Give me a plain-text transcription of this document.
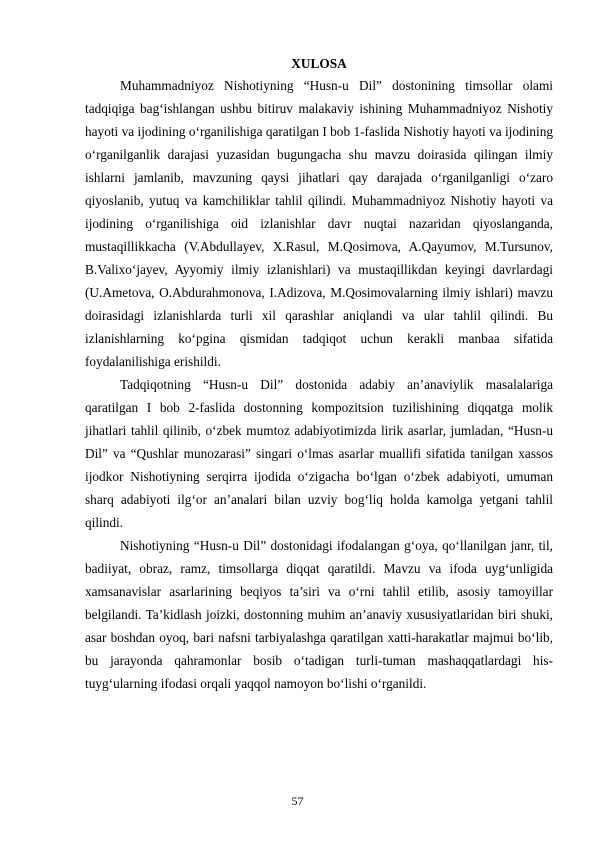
XULOSA

Muhammadniyoz Nishotiyning “Husn-u Dil” dostonining timsollar olami tadqiqiga bag‘ishlangan ushbu bitiruv malakaviy ishining Muhammadniyoz Nishotiy hayoti va ijodining o‘rganilishiga qaratilgan I bob 1-faslida Nishotiy hayoti va ijodining o‘rganilganlik darajasi yuzasidan bugungacha shu mavzu doirasida qilingan ilmiy ishlarni jamlanib, mavzuning qaysi jihatlari qay darajada o‘rganilganligi o‘zaro qiyoslanib, yutuq va kamchiliklar tahlil qilindi. Muhammadniyoz Nishotiy hayoti va ijodining o‘rganilishiga oid izlanishlar davr nuqtai nazaridan qiyoslanganda, mustaqillikkacha (V.Abdullayev, X.Rasul, M.Qosimova, A.Qayumov, M.Tursunov, B.Valixo‘jayev, Ayyomiy ilmiy izlanishlari) va mustaqillikdan keyingi davrlardagi (U.Ametova, O.Abdurahmonova, I.Adizova, M.Qosimovalarning ilmiy ishlari) mavzu doirasidagi izlanishlarda turli xil qarashlar aniqlandi va ular tahlil qilindi. Bu izlanishlarning ko‘pgina qismidan tadqiqot uchun kerakli manbaa sifatida foydalanilishiga erishildi.

Tadqiqotning “Husn-u Dil” dostonida adabiy an’anaviylik masalalariga qaratilgan I bob 2-faslida dostonning kompozitsion tuzilishining diqqatga molik jihatlari tahlil qilinib, o‘zbek mumtoz adabiyotimizda lirik asarlar, jumladan, “Husn-u Dil” va “Qushlar munozarasi” singari o‘lmas asarlar muallifi sifatida tanilgan xassos ijodkor Nishotiyning serqirra ijodida o‘zigacha bo‘lgan o‘zbek adabiyoti, umuman sharq adabiyoti ilg‘or an’analari bilan uzviy bog‘liq holda kamolga yetgani tahlil qilindi.

Nishotiyning “Husn-u Dil” dostonidagi ifodalangan g‘oya, qo‘llanilgan janr, til, badiiyat, obraz, ramz, timsollarga diqqat qaratildi. Mavzu va ifoda uyg‘unligida xamsanavislar asarlarining beqiyos ta’siri va o‘rni tahlil etilib, asosiy tamoyillar belgilandi. Ta’kidlash joizki, dostonning muhim an’anaviy xususiyatlaridan biri shuki, asar boshdan oyoq, bari nafsni tarbiyalashga qaratilgan xatti-harakatlar majmui bo‘lib, bu jarayonda qahramonlar bosib o‘tadigan turli-tuman mashaqqatlardagi his-tuyg‘ularning ifodasi orqali yaqqol namoyon bo‘lishi o‘rganildi.

57
